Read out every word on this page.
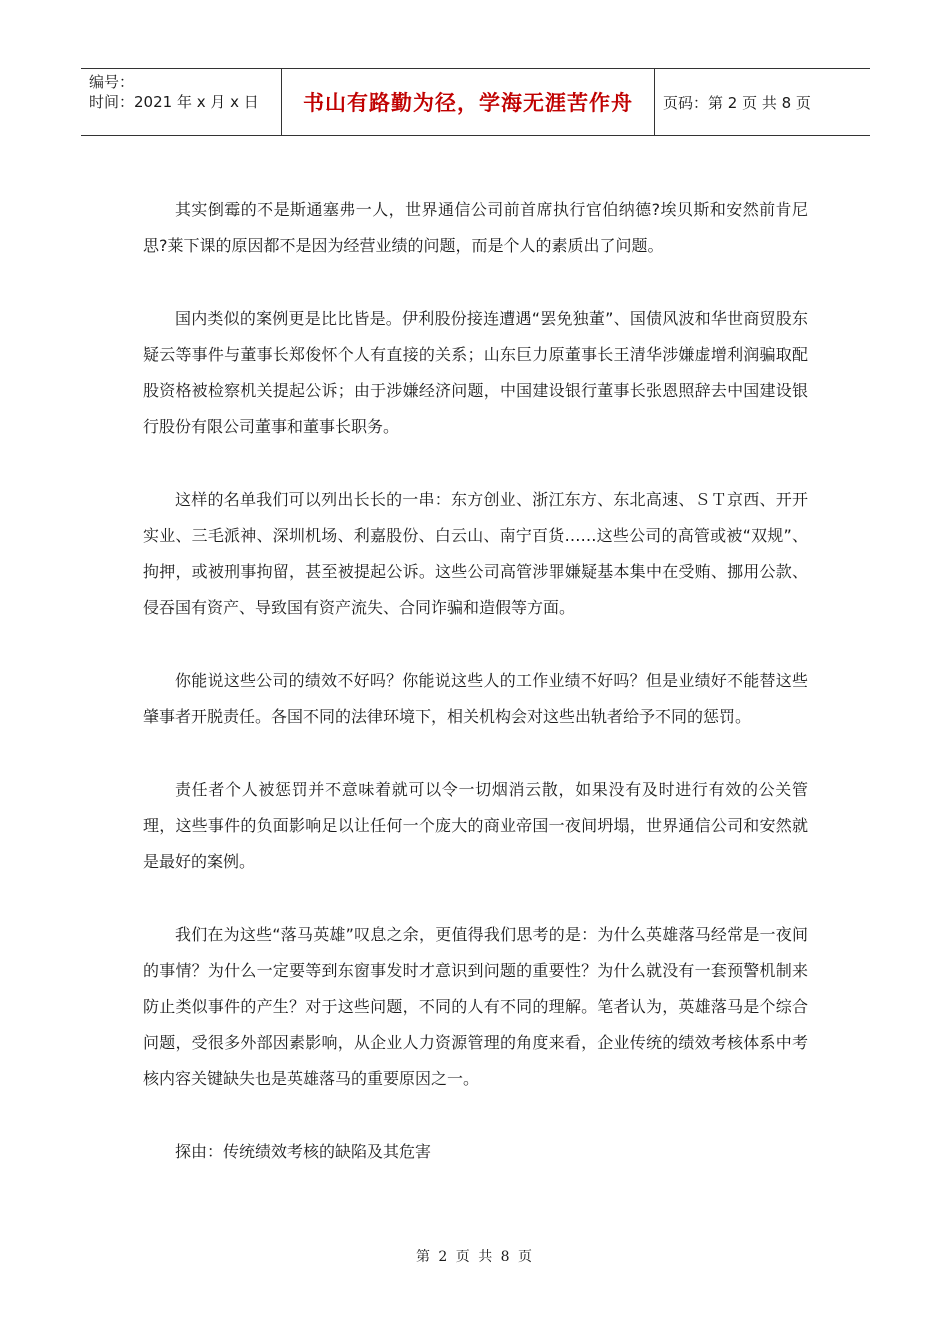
编号：
时间：2021 年 x 月 x 日	书山有路勤为径，学海无涯苦作舟	页码：第 2 页 共 8 页

其实倒霉的不是斯通塞弗一人，世界通信公司前首席执行官伯纳德?埃贝斯和安然前肯尼思?莱下课的原因都不是因为经营业绩的问题，而是个人的素质出了问题。

国内类似的案例更是比比皆是。伊利股份接连遭遇“罢免独董”、国债风波和华世商贸股东疑云等事件与董事长郑俊怀个人有直接的关系；山东巨力原董事长王清华涉嫌虚增利润骗取配股资格被检察机关提起公诉；由于涉嫌经济问题，中国建设银行董事长张恩照辞去中国建设银行股份有限公司董事和董事长职务。

这样的名单我们可以列出长长的一串：东方创业、浙江东方、东北高速、ＳＴ京西、开开实业、三毛派神、深圳机场、利嘉股份、白云山、南宁百货……这些公司的高管或被“双规”、拘押，或被刑事拘留，甚至被提起公诉。这些公司高管涉罪嫌疑基本集中在受贿、挪用公款、侵吞国有资产、导致国有资产流失、合同诈骗和造假等方面。

你能说这些公司的绩效不好吗？你能说这些人的工作业绩不好吗？但是业绩好不能替这些肇事者开脱责任。各国不同的法律环境下，相关机构会对这些出轨者给予不同的惩罚。

责任者个人被惩罚并不意味着就可以令一切烟消云散，如果没有及时进行有效的公关管理，这些事件的负面影响足以让任何一个庞大的商业帝国一夜间坍塌，世界通信公司和安然就是最好的案例。

我们在为这些“落马英雄”叹息之余，更值得我们思考的是：为什么英雄落马经常是一夜间的事情？为什么一定要等到东窗事发时才意识到问题的重要性？为什么就没有一套预警机制来防止类似事件的产生？对于这些问题，不同的人有不同的理解。笔者认为，英雄落马是个综合问题，受很多外部因素影响，从企业人力资源管理的角度来看，企业传统的绩效考核体系中考核内容关键缺失也是英雄落马的重要原因之一。

探由：传统绩效考核的缺陷及其危害

第 2 页 共 8 页
